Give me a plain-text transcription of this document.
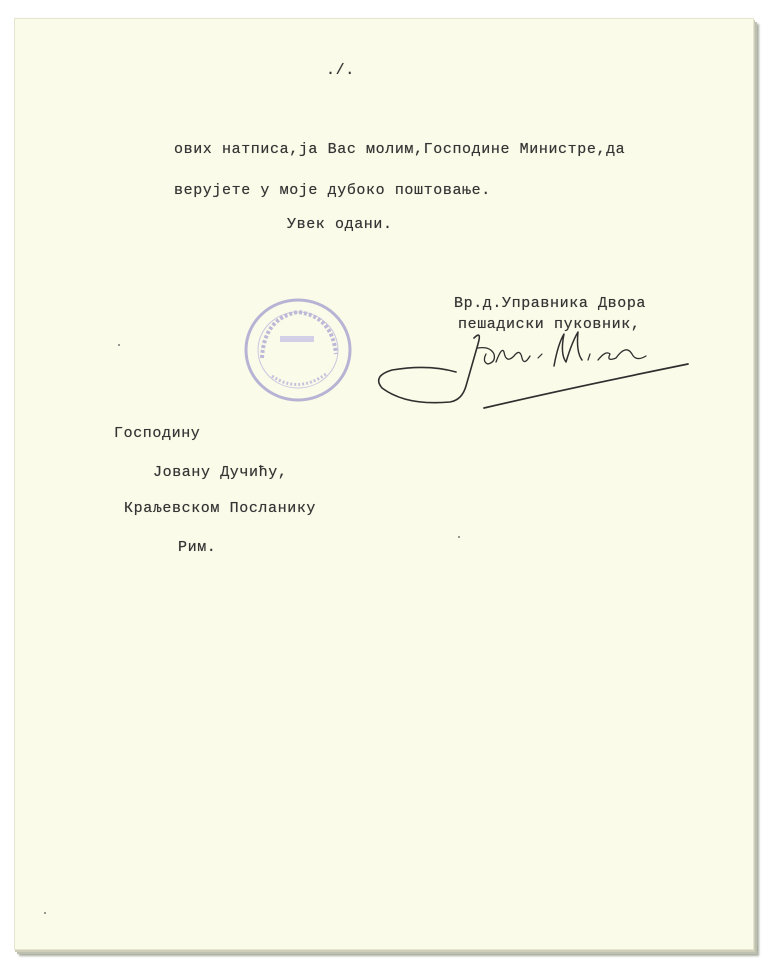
./.
ових натписа,ја Вас молим,Господине Министре,да
верујете у моје дубоко поштовање.
Увек одани.
Вр.д.Управника Двора
пешадиски пуковник,
Господину
Јовану Дучићу,
Краљевском Посланику
Рим.
